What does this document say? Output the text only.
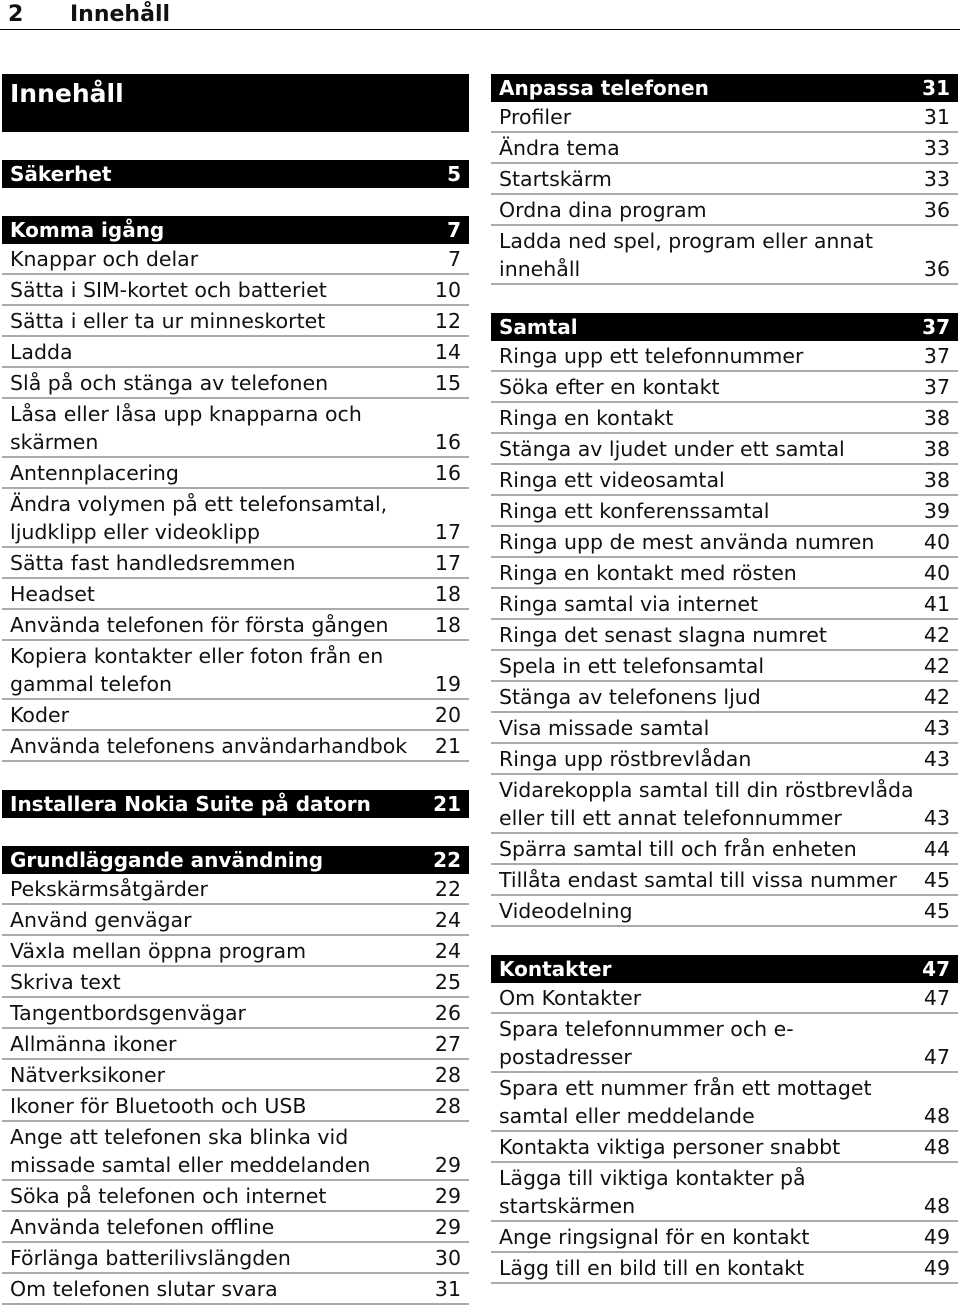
2 Innehåll
Innehåll
Säkerhet	5
Komma igång	7
Knappar och delar	7
Sätta i SIM-kortet och batteriet	10
Sätta i eller ta ur minneskortet	12
Ladda	14
Slå på och stänga av telefonen	15
Låsa eller låsa upp knapparna och skärmen	16
Antennplacering	16
Ändra volymen på ett telefonsamtal, ljudklipp eller videoklipp	17
Sätta fast handledsremmen	17
Headset	18
Använda telefonen för första gången	18
Kopiera kontakter eller foton från en gammal telefon	19
Koder	20
Använda telefonens användarhandbok	21
Installera Nokia Suite på datorn	21
Grundläggande användning	22
Pekskärmsåtgärder	22
Använd genvägar	24
Växla mellan öppna program	24
Skriva text	25
Tangentbordsgenvägar	26
Allmänna ikoner	27
Nätverksikoner	28
Ikoner för Bluetooth och USB	28
Ange att telefonen ska blinka vid missade samtal eller meddelanden	29
Söka på telefonen och internet	29
Använda telefonen offline	29
Förlänga batterilivslängden	30
Om telefonen slutar svara	31
Anpassa telefonen	31
Profiler	31
Ändra tema	33
Startskärm	33
Ordna dina program	36
Ladda ned spel, program eller annat innehåll	36
Samtal	37
Ringa upp ett telefonnummer	37
Söka efter en kontakt	37
Ringa en kontakt	38
Stänga av ljudet under ett samtal	38
Ringa ett videosamtal	38
Ringa ett konferenssamtal	39
Ringa upp de mest använda numren	40
Ringa en kontakt med rösten	40
Ringa samtal via internet	41
Ringa det senast slagna numret	42
Spela in ett telefonsamtal	42
Stänga av telefonens ljud	42
Visa missade samtal	43
Ringa upp röstbrevlådan	43
Vidarekoppla samtal till din röstbrevlåda eller till ett annat telefonnummer	43
Spärra samtal till och från enheten	44
Tillåta endast samtal till vissa nummer	45
Videodelning	45
Kontakter	47
Om Kontakter	47
Spara telefonnummer och e-postadresser	47
Spara ett nummer från ett mottaget samtal eller meddelande	48
Kontakta viktiga personer snabbt	48
Lägga till viktiga kontakter på startskärmen	48
Ange ringsignal för en kontakt	49
Lägg till en bild till en kontakt	49
